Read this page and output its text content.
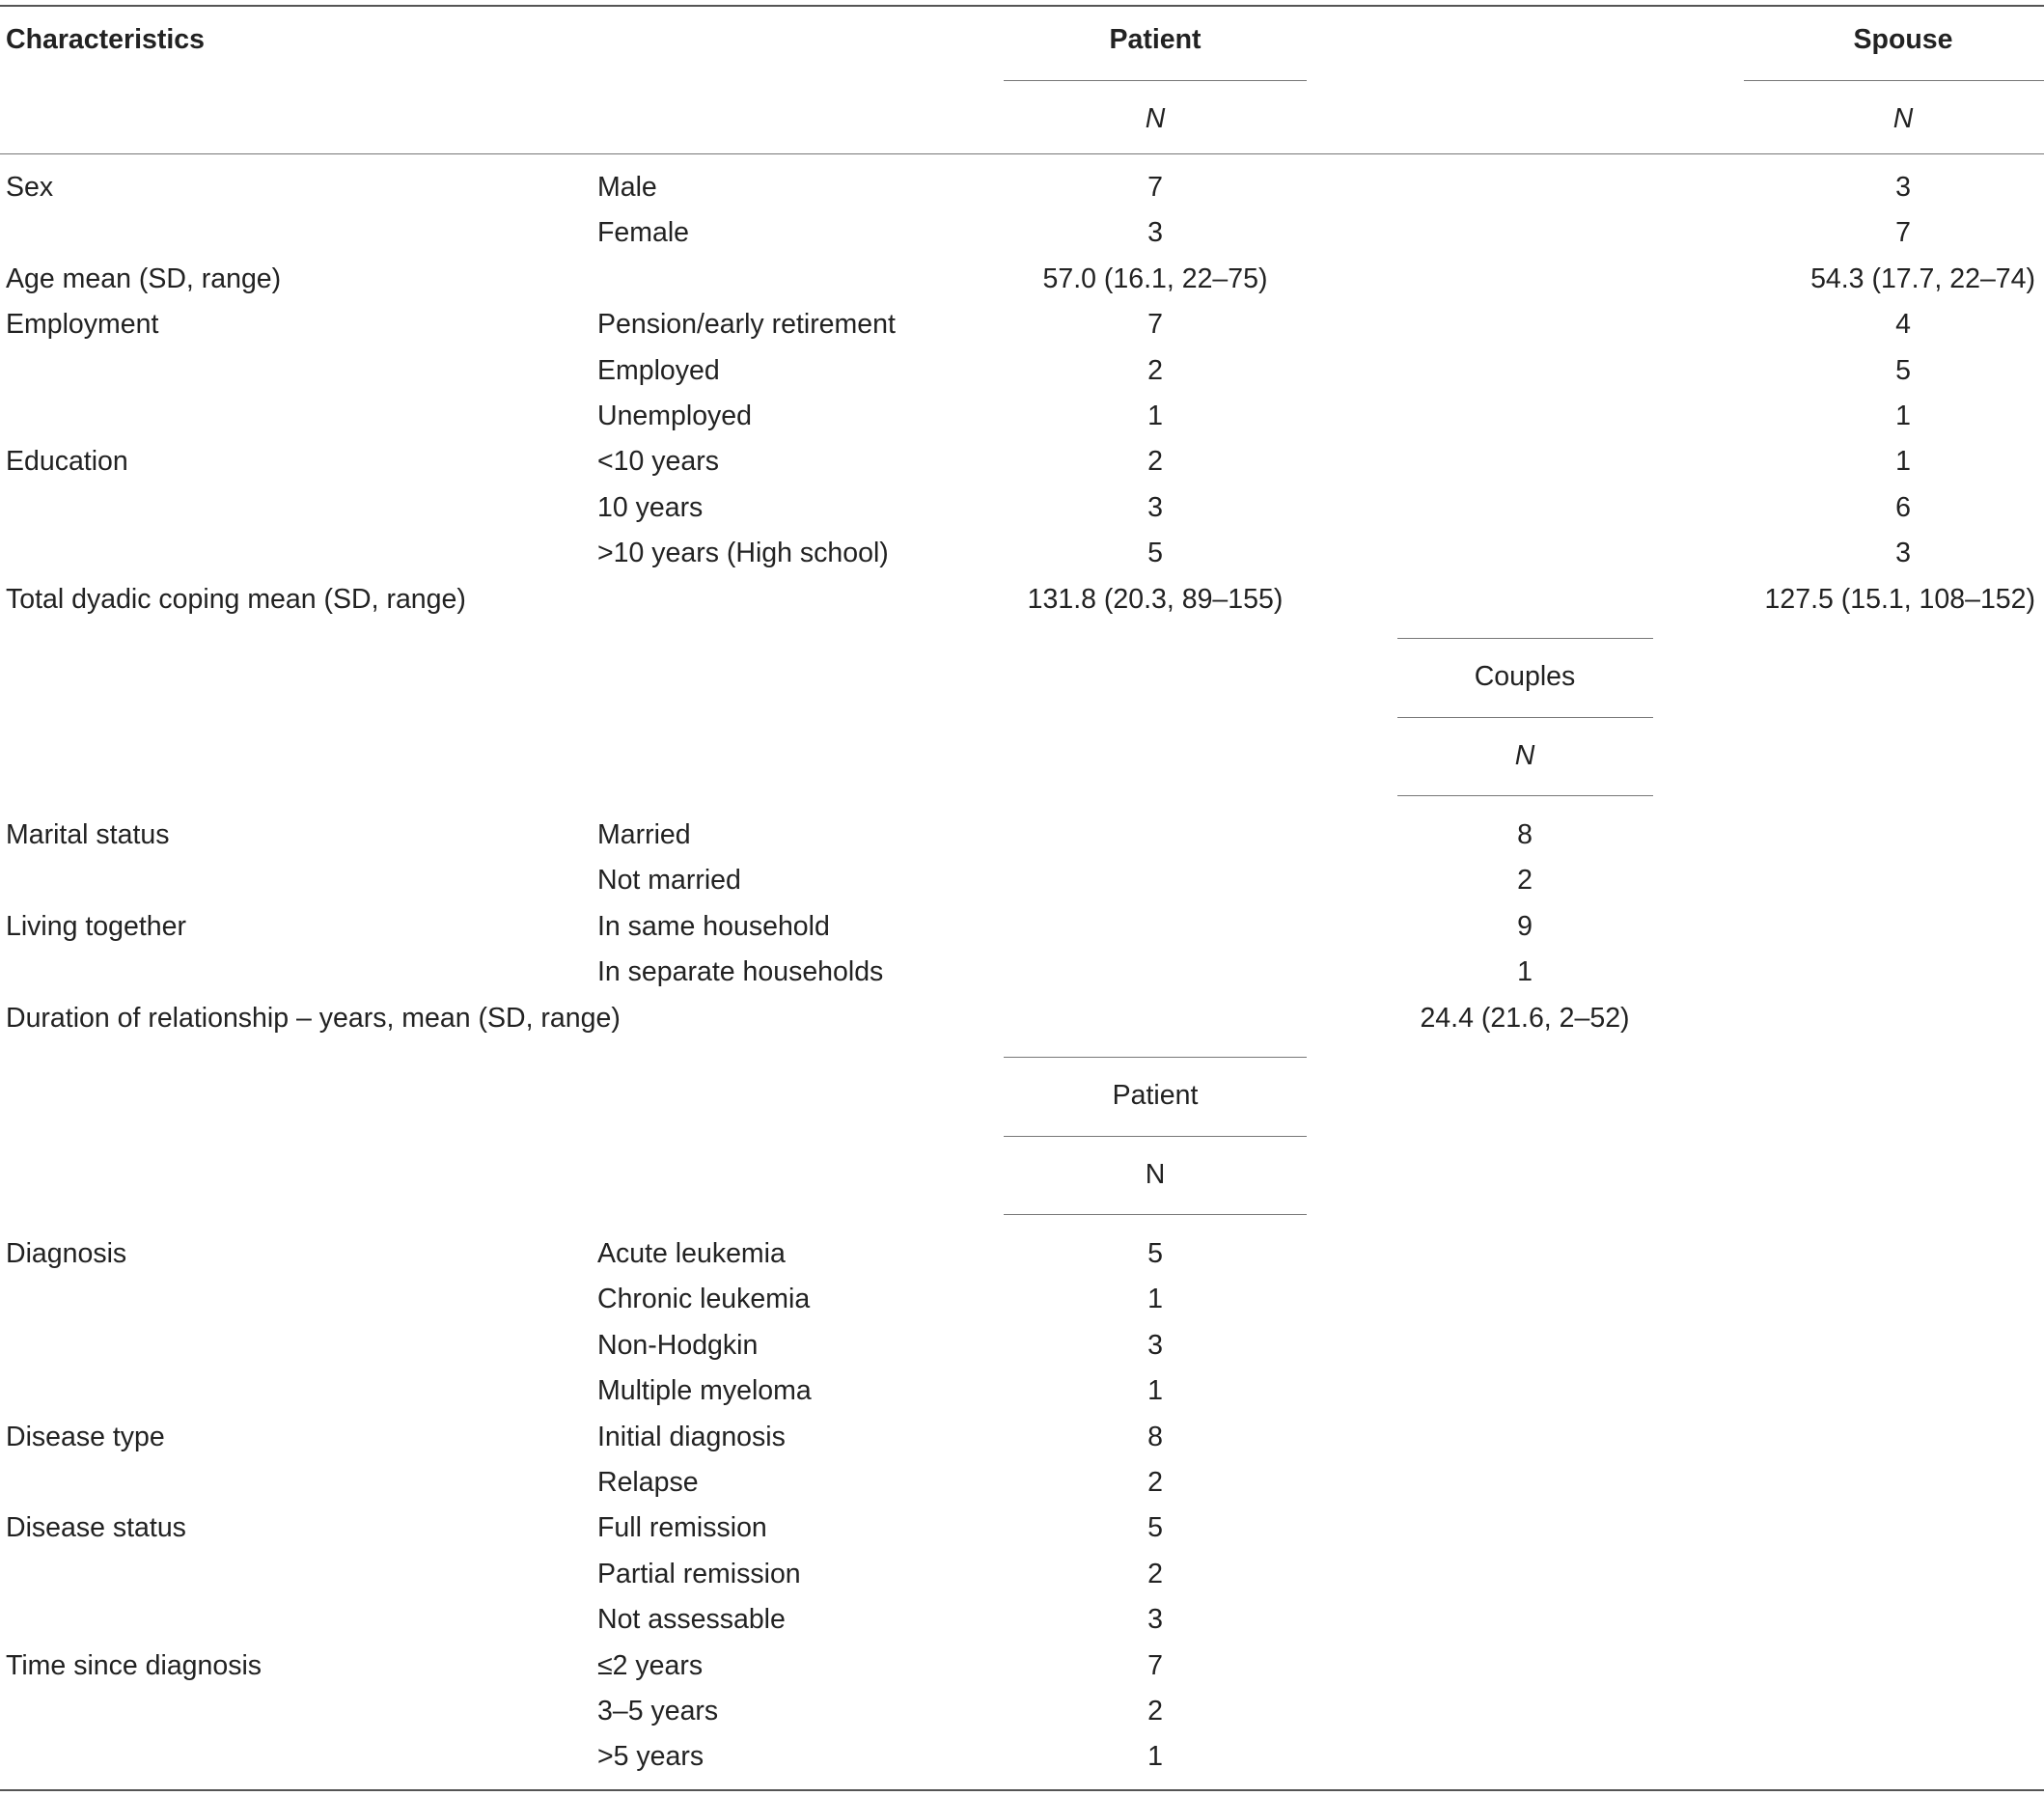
Characteristics	Patient	Spouse
N	N
Sex	Male	7	3
Female	3	7
Age mean (SD, range)	57.0 (16.1, 22–75)	54.3 (17.7, 22–74)
Employment	Pension/early retirement	7	4
Employed	2	5
Unemployed	1	1
Education	<10 years	2	1
10 years	3	6
>10 years (High school)	5	3
Total dyadic coping mean (SD, range)	131.8 (20.3, 89–155)	127.5 (15.1, 108–152)
Couples
N
Marital status	Married	8
Not married	2
Living together	In same household	9
In separate households	1
Duration of relationship – years, mean (SD, range)	24.4 (21.6, 2–52)
Patient
N
Diagnosis	Acute leukemia	5
Chronic leukemia	1
Non-Hodgkin	3
Multiple myeloma	1
Disease type	Initial diagnosis	8
Relapse	2
Disease status	Full remission	5
Partial remission	2
Not assessable	3
Time since diagnosis	≤2 years	7
3–5 years	2
>5 years	1
